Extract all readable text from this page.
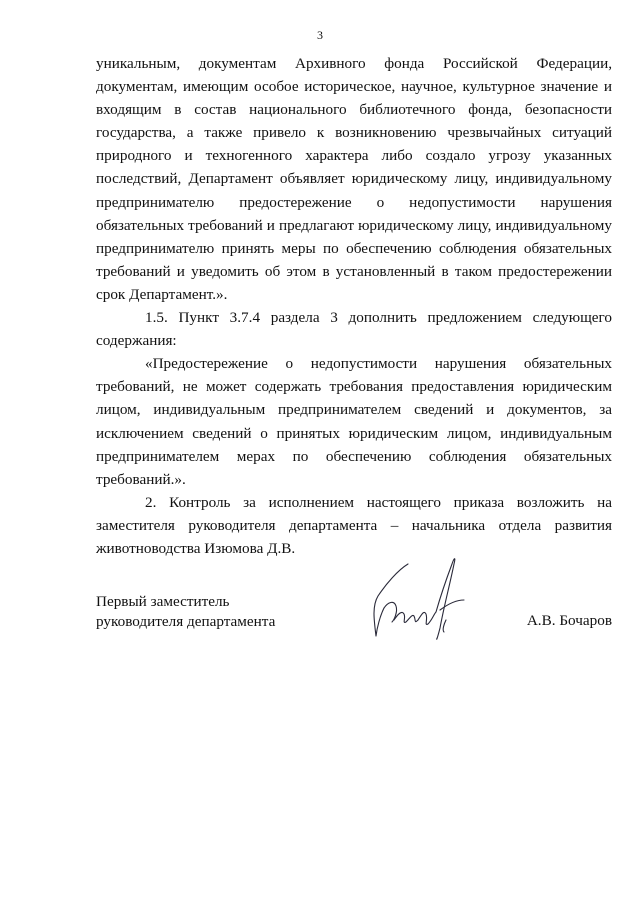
3

уникальным, документам Архивного фонда Российской Федерации, документам, имеющим особое историческое, научное, культурное значение и входящим в состав национального библиотечного фонда, безопасности государства, а также привело к возникновению чрезвычайных ситуаций природного и техногенного характера либо создало угрозу указанных последствий, Департамент объявляет юридическому лицу, индивидуальному предпринимателю предостережение о недопустимости нарушения обязательных требований и предлагают юридическому лицу, индивидуальному предпринимателю принять меры по обеспечению соблюдения обязательных требований и уведомить об этом в установленный в таком предостережении срок Департамент.».

1.5. Пункт 3.7.4 раздела 3 дополнить предложением следующего содержания:

«Предостережение о недопустимости нарушения обязательных требований, не может содержать требования предоставления юридическим лицом, индивидуальным предпринимателем сведений и документов, за исключением сведений о принятых юридическим лицом, индивидуальным предпринимателем мерах по обеспечению соблюдения обязательных требований.».

2. Контроль за исполнением настоящего приказа возложить на заместителя руководителя департамента – начальника отдела развития животноводства Изюмова Д.В.

Первый заместитель
руководителя департамента	А.В. Бочаров
